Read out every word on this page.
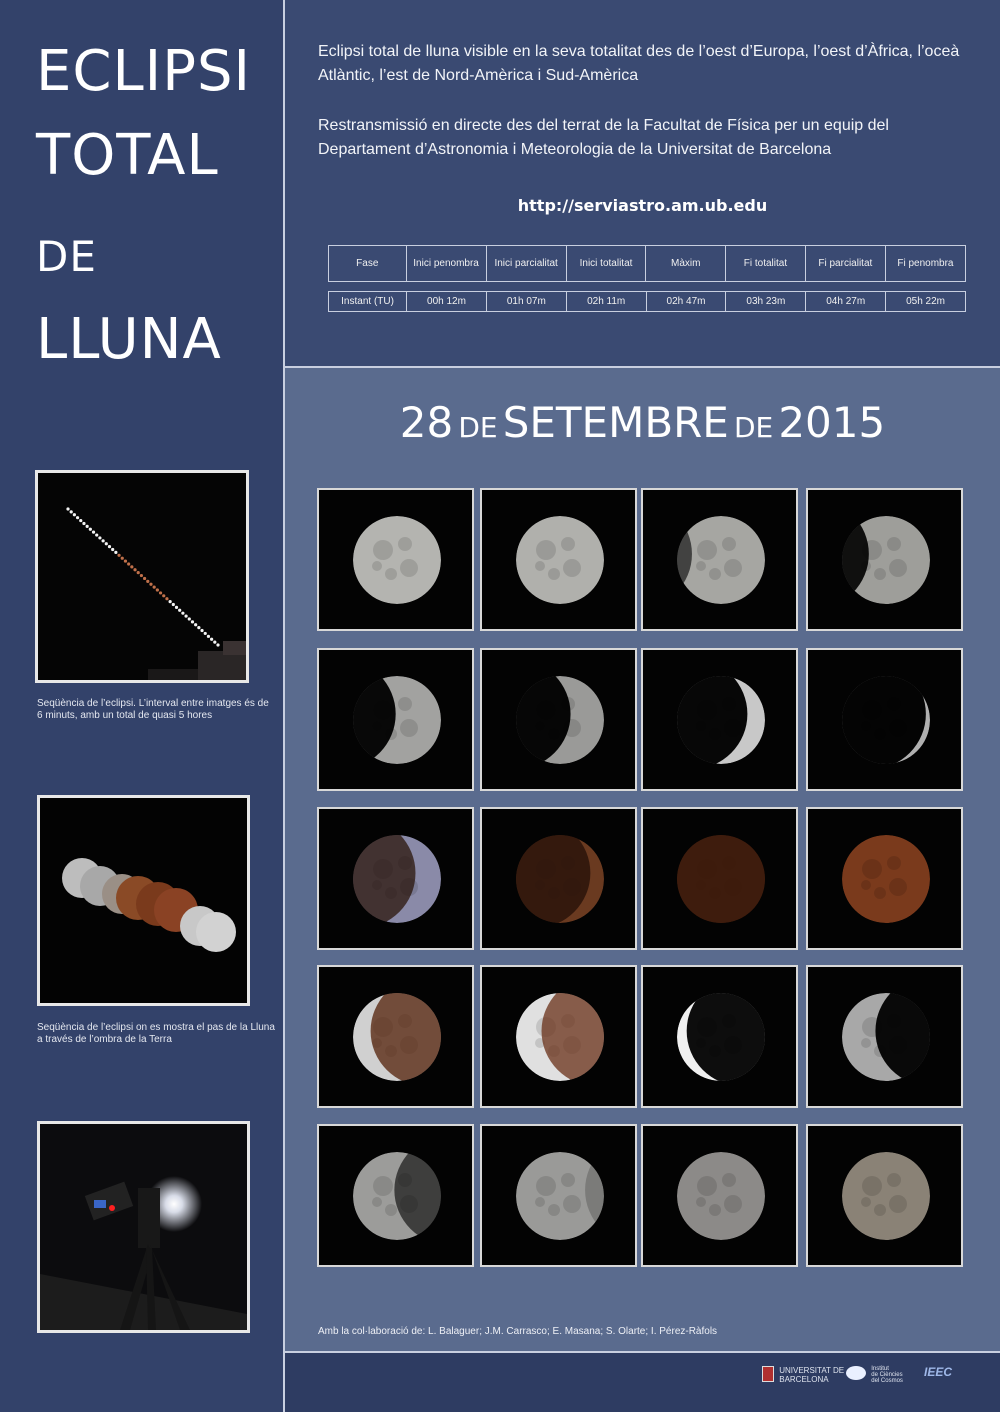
ECLIPSI
TOTAL
DE
LLUNA
Seqüència de l’eclipsi. L’interval entre imatges és de 6 minuts, amb un total de quasi 5 hores
Seqüència de l’eclipsi on es mostra el pas de la Lluna a través de l’ombra de la Terra
Eclipsi total de lluna visible en la seva totalitat des de l’oest d’Europa, l’oest d’Àfrica, l’oceà Atlàntic, l’est de Nord-Amèrica i Sud-Amèrica
Restransmissió en directe des del terrat de la Facultat de Física per un equip del Departament d’Astronomia i Meteorologia de la Universitat de Barcelona
http://serviastro.am.ub.edu
Fase	Inici penombra	Inici parcialitat	Inici totalitat	Màxim	Fi totalitat	Fi parcialitat	Fi penombra
Instant (TU)	00h 12m	01h 07m	02h 11m	02h 47m	03h 23m	04h 27m	05h 22m
28 DE SETEMBRE DE 2015
Amb la col·laboració de: L. Balaguer; J.M. Carrasco; E. Masana; S. Olarte; I. Pérez-Ràfols
UNIVERSITAT DE
BARCELONA
Institut
de Ciències
del Cosmos
IEEC
